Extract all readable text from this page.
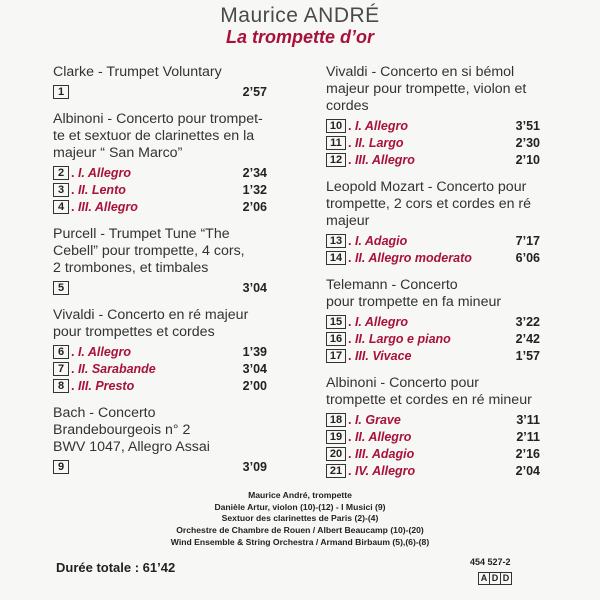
Maurice ANDRÉ
La trompette d’or
Clarke - Trumpet Voluntary
1	2’57
Albinoni - Concerto pour trompet-
te et sextuor de clarinettes en la
majeur “ San Marco”
2 . I. Allegro	2’34
3 . II. Lento	1’32
4 . III. Allegro	2’06
Purcell - Trumpet Tune “The
Cebell” pour trompette, 4 cors,
2 trombones, et timbales
5	3’04
Vivaldi - Concerto en ré majeur
pour trompettes et cordes
6 . I. Allegro	1’39
7 . II. Sarabande	3’04
8 . III. Presto	2’00
Bach - Concerto
Brandebourgeois n° 2
BWV 1047, Allegro Assai
9	3’09
Vivaldi - Concerto en si bémol
majeur pour trompette, violon et
cordes
10 . I. Allegro	3’51
11 . II. Largo	2’30
12 . III. Allegro	2’10
Leopold Mozart - Concerto pour
trompette, 2 cors et cordes en ré
majeur
13 . I. Adagio	7’17
14 . II. Allegro moderato	6’06
Telemann - Concerto
pour trompette en fa mineur
15 . I. Allegro	3’22
16 . II. Largo e piano	2’42
17 . III. Vivace	1’57
Albinoni - Concerto pour
trompette et cordes en ré mineur
18 . I. Grave	3’11
19 . II. Allegro	2’11
20 . III. Adagio	2’16
21 . IV. Allegro	2’04
Maurice André, trompette
Danièle Artur, violon (10)-(12) - I Musici (9)
Sextuor des clarinettes de Paris (2)-(4)
Orchestre de Chambre de Rouen / Albert Beaucamp (10)-(20)
Wind Ensemble & String Orchestra / Armand Birbaum (5),(6)-(8)
Durée totale : 61’42	454 527-2
A D D
